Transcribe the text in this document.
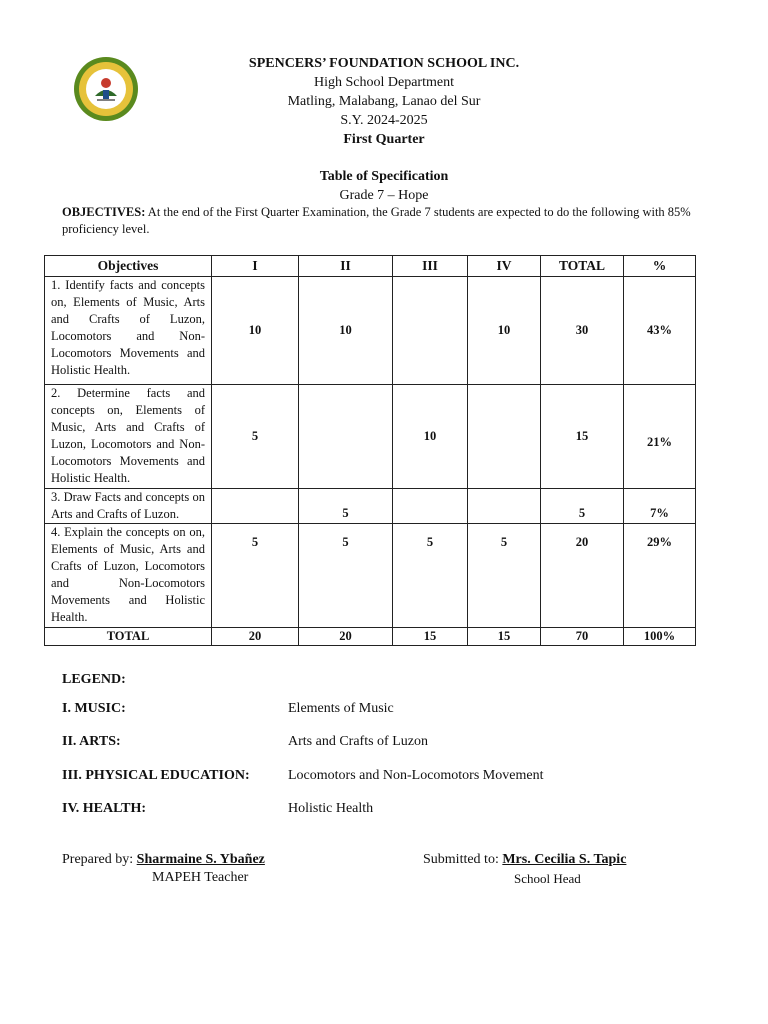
SPENCERS’ FOUNDATION SCHOOL INC.
High School Department
Matling, Malabang, Lanao del Sur
S.Y. 2024-2025
First Quarter
Table of Specification
Grade 7 – Hope
OBJECTIVES: At the end of the First Quarter Examination, the Grade 7 students are expected to do the following with 85% proficiency level.
Objectives	I	II	III	IV	TOTAL	%
1. Identify facts and concepts on, Elements of Music, Arts and Crafts of Luzon, Locomotors and Non-Locomotors Movements and Holistic Health.	10	10		10	30	43%
2. Determine facts and concepts on, Elements of Music, Arts and Crafts of Luzon, Locomotors and Non-Locomotors Movements and Holistic Health.	5		10		15	21%
3. Draw Facts and concepts on Arts and Crafts of Luzon.		5			5	7%
4. Explain the concepts on on, Elements of Music, Arts and Crafts of Luzon, Locomotors and Non-Locomotors Movements and Holistic Health.	5	5	5	5	20	29%
TOTAL	20	20	15	15	70	100%
LEGEND:
I. MUSIC:	Elements of Music
II. ARTS:	Arts and Crafts of Luzon
III. PHYSICAL EDUCATION:	Locomotors and Non-Locomotors Movement
IV. HEALTH:	Holistic Health
Prepared by: Sharmaine S. Ybañez
MAPEH Teacher
Submitted to: Mrs. Cecilia S. Tapic
School Head
